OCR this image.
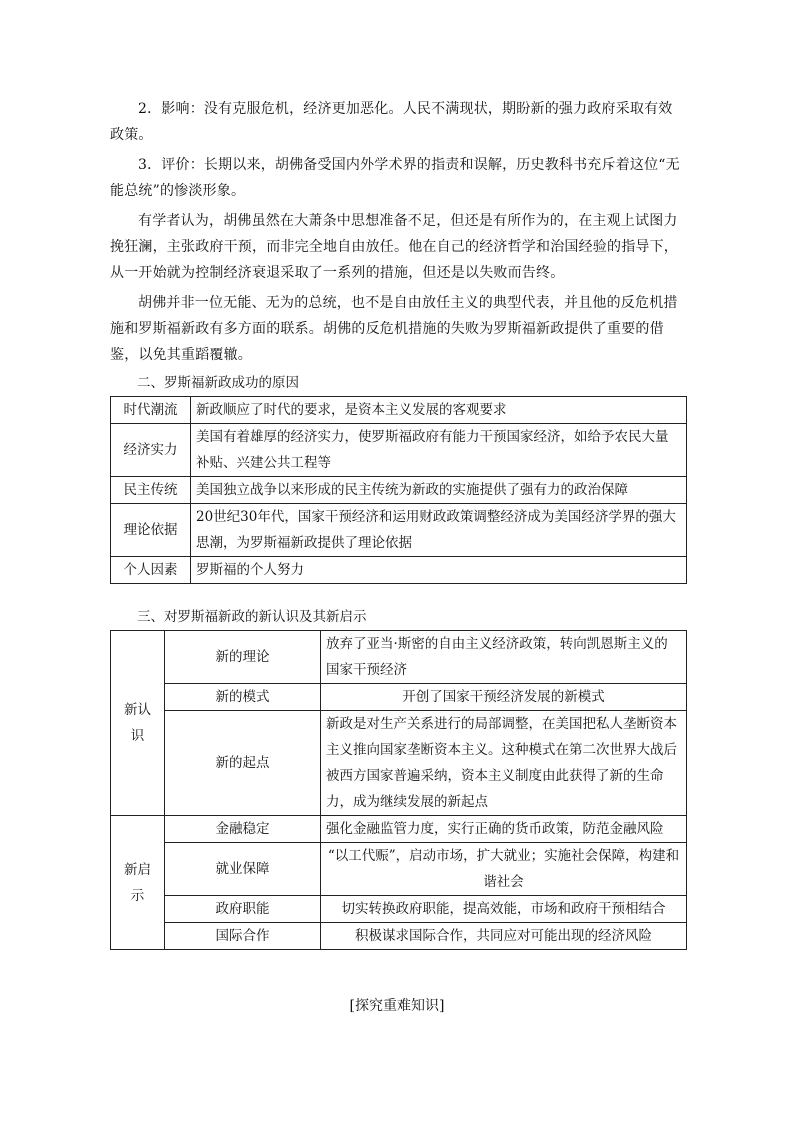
2．影响：没有克服危机，经济更加恶化。人民不满现状，期盼新的强力政府采取有效政策。

3．评价：长期以来，胡佛备受国内外学术界的指责和误解，历史教科书充斥着这位“无能总统”的惨淡形象。

有学者认为，胡佛虽然在大萧条中思想准备不足，但还是有所作为的，在主观上试图力挽狂澜，主张政府干预，而非完全地自由放任。他在自己的经济哲学和治国经验的指导下，从一开始就为控制经济衰退采取了一系列的措施，但还是以失败而告终。

胡佛并非一位无能、无为的总统，也不是自由放任主义的典型代表，并且他的反危机措施和罗斯福新政有多方面的联系。胡佛的反危机措施的失败为罗斯福新政提供了重要的借鉴，以免其重蹈覆辙。

二、罗斯福新政成功的原因
时代潮流	新政顺应了时代的要求，是资本主义发展的客观要求
经济实力	美国有着雄厚的经济实力，使罗斯福政府有能力干预国家经济，如给予农民大量补贴、兴建公共工程等
民主传统	美国独立战争以来形成的民主传统为新政的实施提供了强有力的政治保障
理论依据	20世纪30年代，国家干预经济和运用财政政策调整经济成为美国经济学界的强大思潮，为罗斯福新政提供了理论依据
个人因素	罗斯福的个人努力
三、对罗斯福新政的新认识及其新启示
新认识	新的理论	放弃了亚当·斯密的自由主义经济政策，转向凯恩斯主义的国家干预经济
	新的模式	开创了国家干预经济发展的新模式
	新的起点	新政是对生产关系进行的局部调整，在美国把私人垄断资本主义推向国家垄断资本主义。这种模式在第二次世界大战后被西方国家普遍采纳，资本主义制度由此获得了新的生命力，成为继续发展的新起点
新启示	金融稳定	强化金融监管力度，实行正确的货币政策，防范金融风险
	就业保障	“以工代赈”，启动市场，扩大就业；实施社会保障，构建和谐社会
	政府职能	切实转换政府职能，提高效能，市场和政府干预相结合
	国际合作	积极谋求国际合作，共同应对可能出现的经济风险
[探究重难知识]
